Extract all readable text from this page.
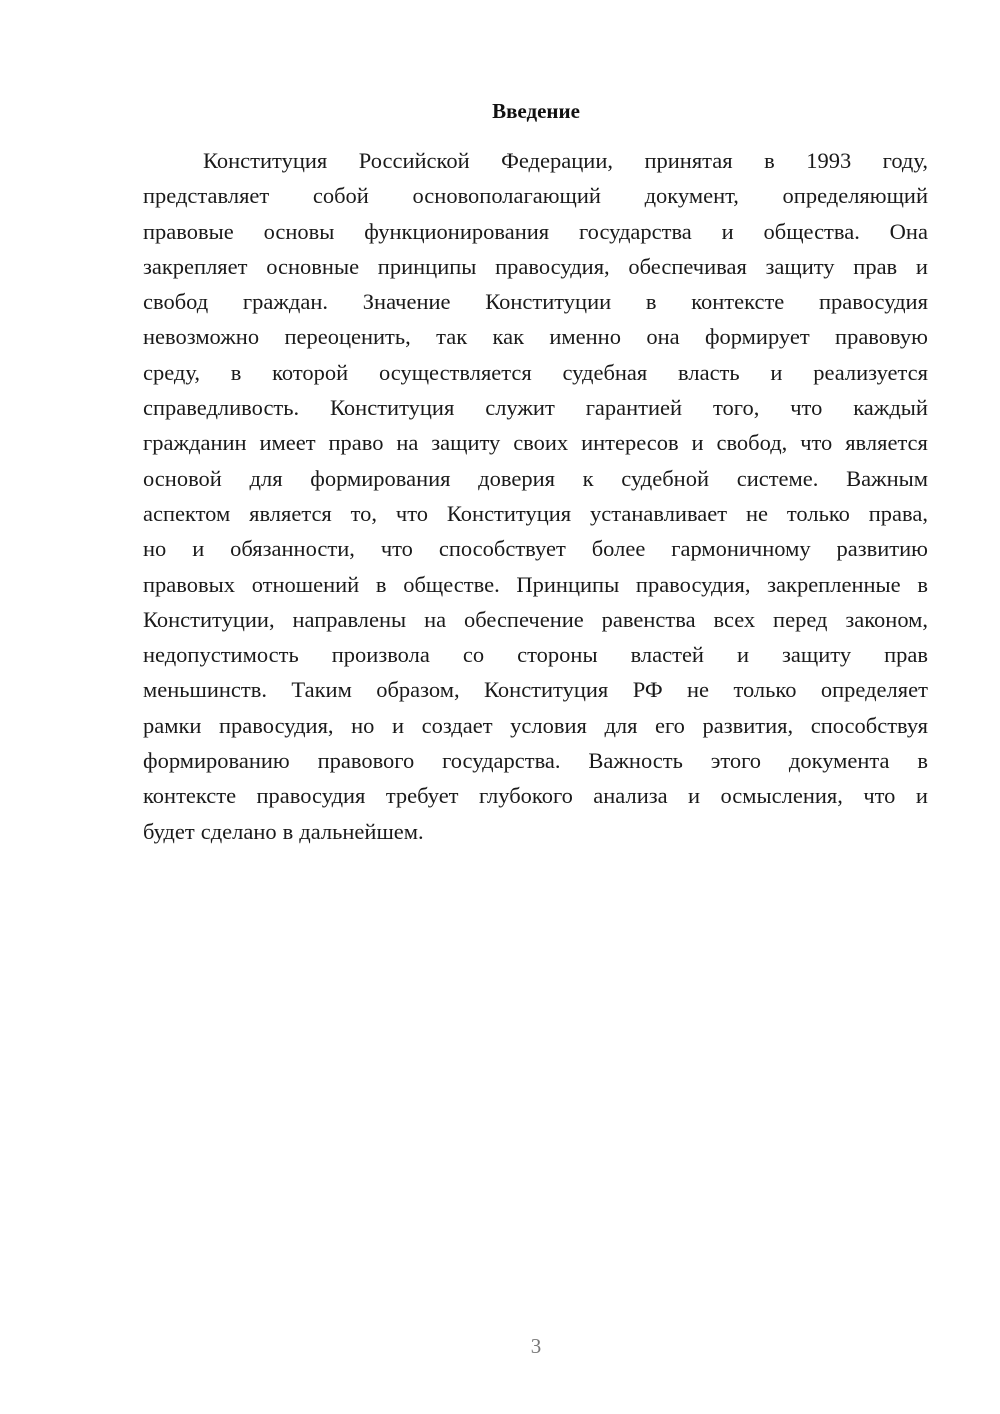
Введение
Конституция Российской Федерации, принятая в 1993 году,
представляет собой основополагающий документ, определяющий
правовые основы функционирования государства и общества. Она
закрепляет основные принципы правосудия, обеспечивая защиту прав и
свобод граждан. Значение Конституции в контексте правосудия
невозможно переоценить, так как именно она формирует правовую
среду, в которой осуществляется судебная власть и реализуется
справедливость. Конституция служит гарантией того, что каждый
гражданин имеет право на защиту своих интересов и свобод, что является
основой для формирования доверия к судебной системе. Важным
аспектом является то, что Конституция устанавливает не только права,
но и обязанности, что способствует более гармоничному развитию
правовых отношений в обществе. Принципы правосудия, закрепленные в
Конституции, направлены на обеспечение равенства всех перед законом,
недопустимость произвола со стороны властей и защиту прав
меньшинств. Таким образом, Конституция РФ не только определяет
рамки правосудия, но и создает условия для его развития, способствуя
формированию правового государства. Важность этого документа в
контексте правосудия требует глубокого анализа и осмысления, что и
будет сделано в дальнейшем.
3
